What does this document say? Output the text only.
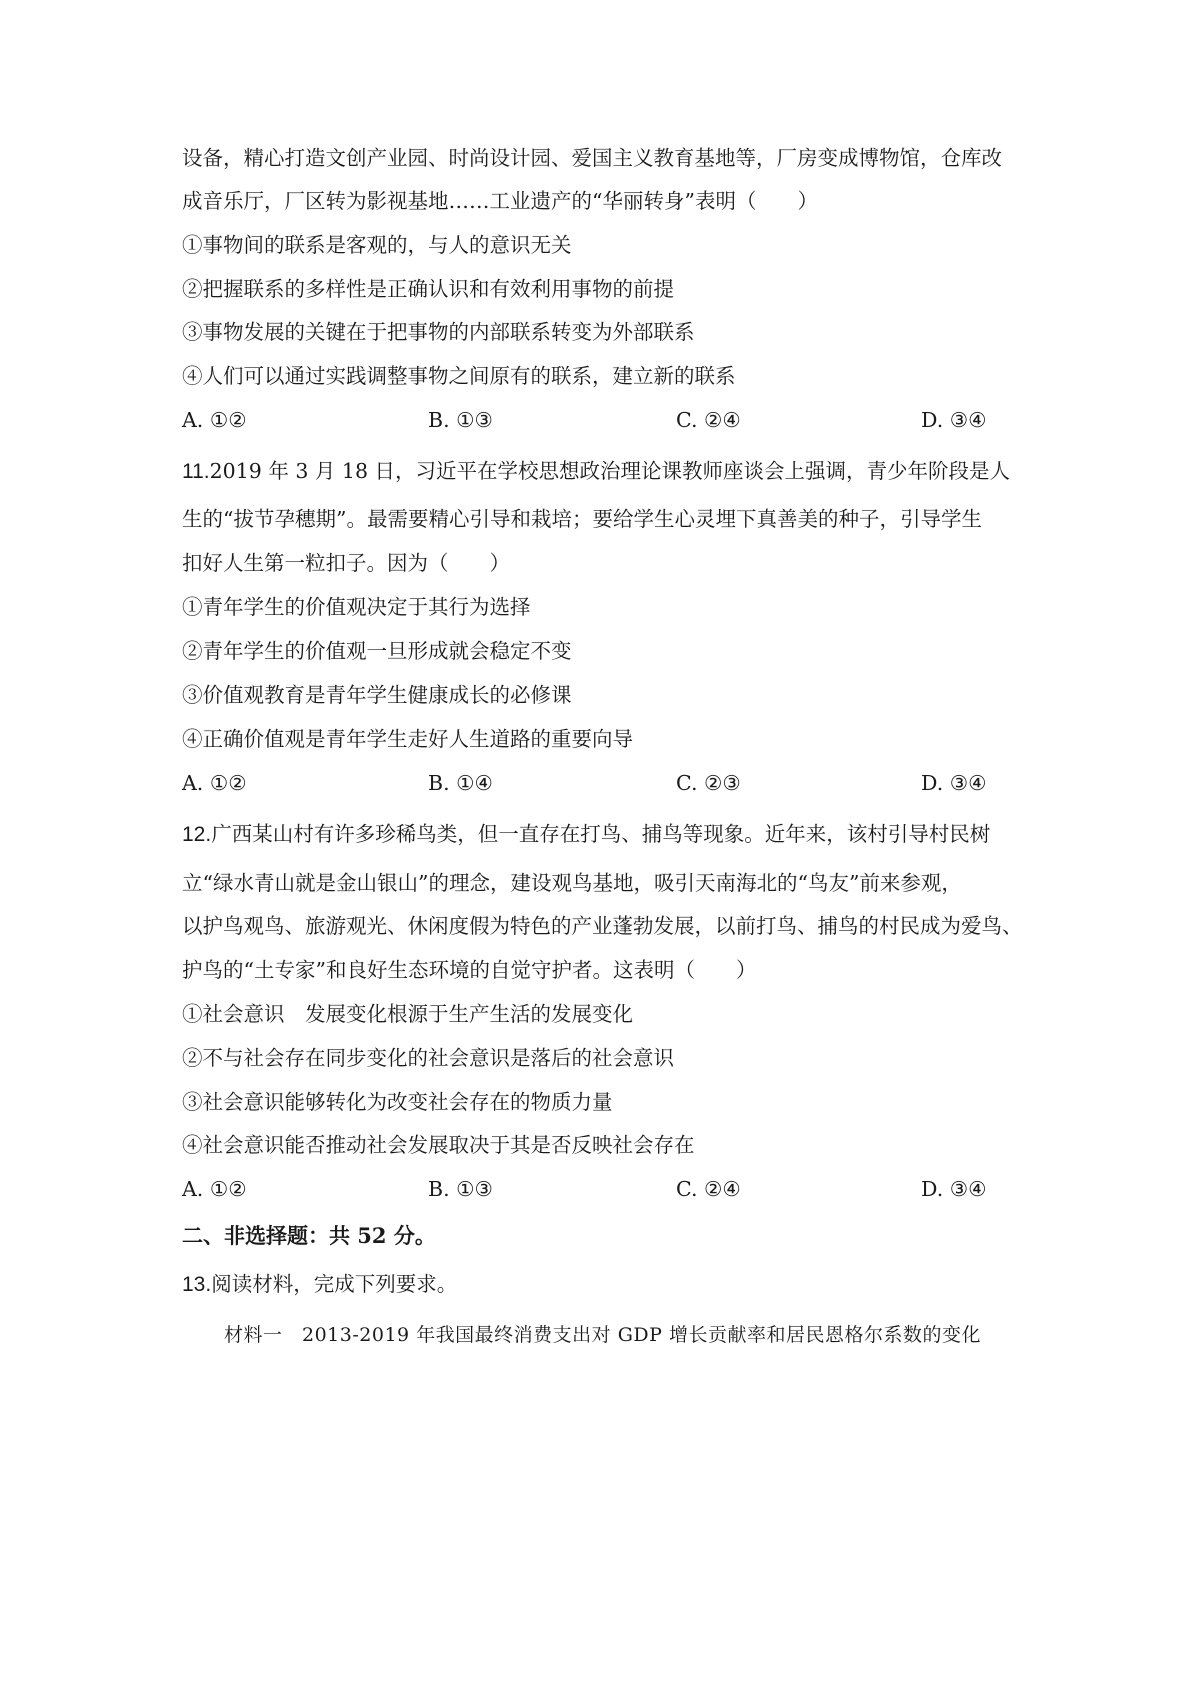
设备，精心打造文创产业园、时尚设计园、爱国主义教育基地等，厂房变成博物馆，仓库改
成音乐厅，厂区转为影视基地……工业遗产的“华丽转身”表明（　　）
①事物间的联系是客观的，与人的意识无关
②把握联系的多样性是正确认识和有效利用事物的前提
③事物发展的关键在于把事物的内部联系转变为外部联系
④人们可以通过实践调整事物之间原有的联系，建立新的联系
A. ①②	B. ①③	C. ②④	D. ③④
11.2019 年 3 月 18 日，习近平在学校思想政治理论课教师座谈会上强调，青少年阶段是人
生的“拔节孕穗期”。最需要精心引导和栽培；要给学生心灵埋下真善美的种子，引导学生
扣好人生第一粒扣子。因为（　　）
①青年学生的价值观决定于其行为选择
②青年学生的价值观一旦形成就会稳定不变
③价值观教育是青年学生健康成长的必修课
④正确价值观是青年学生走好人生道路的重要向导
A. ①②	B. ①④	C. ②③	D. ③④
12.广西某山村有许多珍稀鸟类，但一直存在打鸟、捕鸟等现象。近年来，该村引导村民树
立“绿水青山就是金山银山”的理念，建设观鸟基地，吸引天南海北的“鸟友”前来参观，
以护鸟观鸟、旅游观光、休闲度假为特色的产业蓬勃发展，以前打鸟、捕鸟的村民成为爱鸟、
护鸟的“土专家”和良好生态环境的自觉守护者。这表明（　　）
①社会意识　发展变化根源于生产生活的发展变化
②不与社会存在同步变化的社会意识是落后的社会意识
③社会意识能够转化为改变社会存在的物质力量
④社会意识能否推动社会发展取决于其是否反映社会存在
A. ①②	B. ①③	C. ②④	D. ③④
二、非选择题：共 52 分。
13.阅读材料，完成下列要求。
材料一　2013-2019 年我国最终消费支出对 GDP 增长贡献率和居民恩格尔系数的变化
